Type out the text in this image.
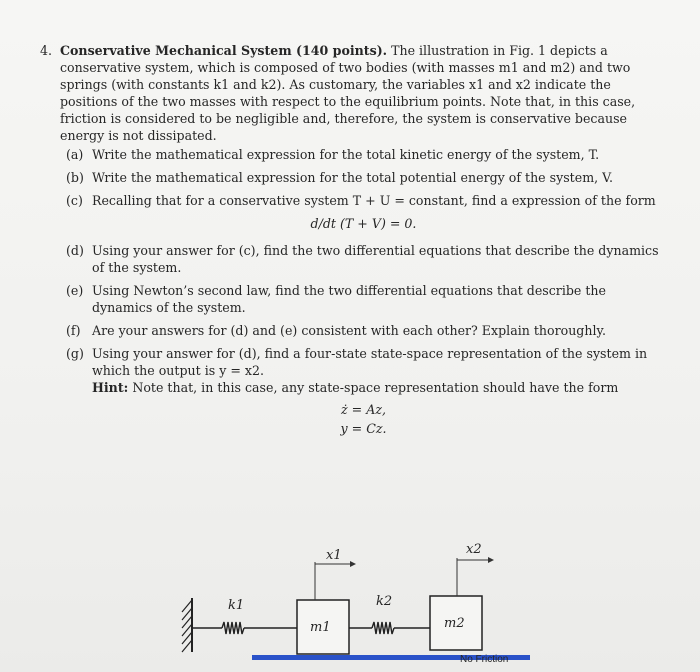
4. Conservative Mechanical System (140 points). The illustration in Fig. 1 depicts a conservative system, which is composed of two bodies (with masses m1 and m2) and two springs (with constants k1 and k2). As customary, the variables x1 and x2 indicate the positions of the two masses with respect to the equilibrium points. Note that, in this case, friction is considered to be negligible and, therefore, the system is conservative because energy is not dissipated.
(a) Write the mathematical expression for the total kinetic energy of the system, T.
(b) Write the mathematical expression for the total potential energy of the system, V.
(c) Recalling that for a conservative system T + U = constant, find a expression of the form
d/dt (T + V) = 0.
(d) Using your answer for (c), find the two differential equations that describe the dynamics of the system.
(e) Using Newton’s second law, find the two differential equations that describe the dynamics of the system.
(f) Are your answers for (d) and (e) consistent with each other? Explain thoroughly.
(g) Using your answer for (d), find a four-state state-space representation of the system in which the output is y = x2.
Hint: Note that, in this case, any state-space representation should have the form
ż = Az,
y = Cz.
x1	x2
k1	k2
m1	m2
No Friction
